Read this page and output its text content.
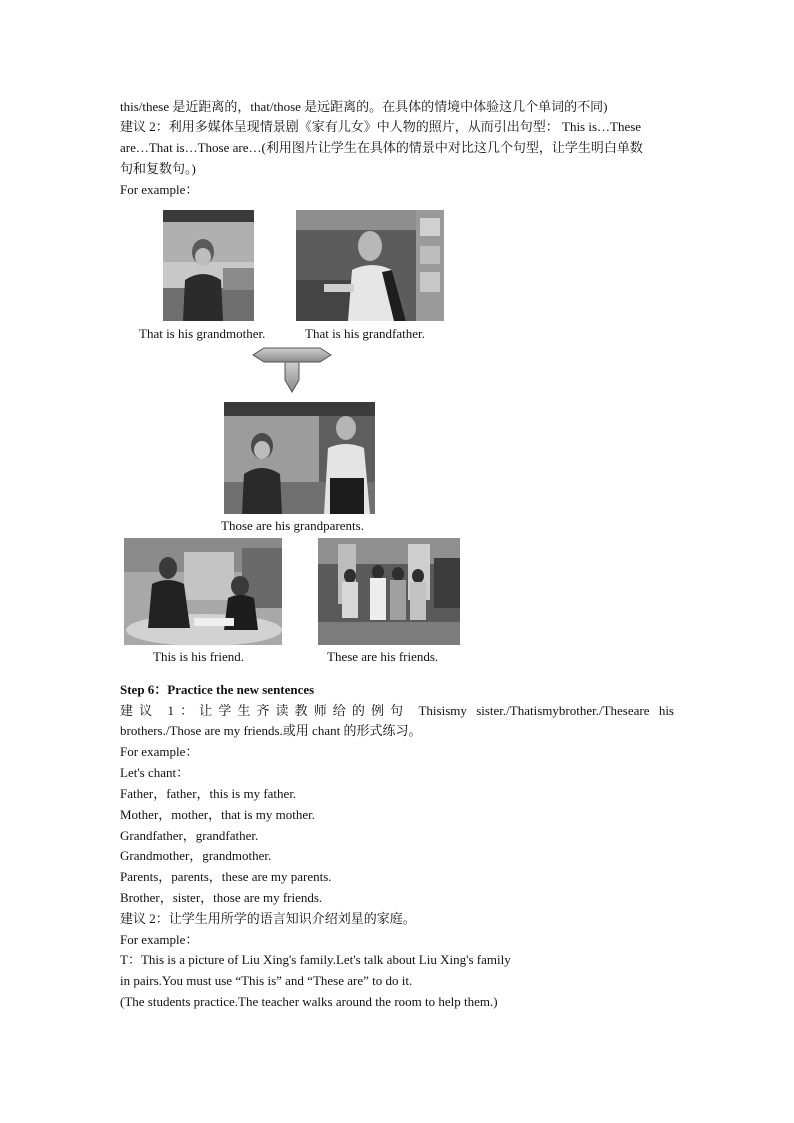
this/these 是近距离的，that/those 是远距离的。在具体的情境中体验这几个单词的不同)
建议 2：利用多媒体呈现情景剧《家有儿女》中人物的照片，从而引出句型： This is…These
are…That is…Those are…(利用图片让学生在具体的情景中对比这几个句型，让学生明白单数
句和复数句。)
For example：
That is his grandmother.	That is his grandfather.
Those are his grandparents.
This is his friend.	These are his friends.
Step 6：Practice the new sentences
建议 1：让学生齐读教师给的例句 Thisismy sister./Thatismybrother./Theseare his
brothers./Those are my friends.或用 chant 的形式练习。
For example：
Let's chant：
Father，father，this is my father.
Mother，mother，that is my mother.
Grandfather，grandfather.
Grandmother，grandmother.
Parents，parents，these are my parents.
Brother，sister，those are my friends.
建议 2：让学生用所学的语言知识介绍刘星的家庭。
For example：
T：This is a picture of Liu Xing's family.Let's talk about Liu Xing's family
in pairs.You must use “This is” and “These are” to do it.
(The students practice.The teacher walks around the room to help them.)
